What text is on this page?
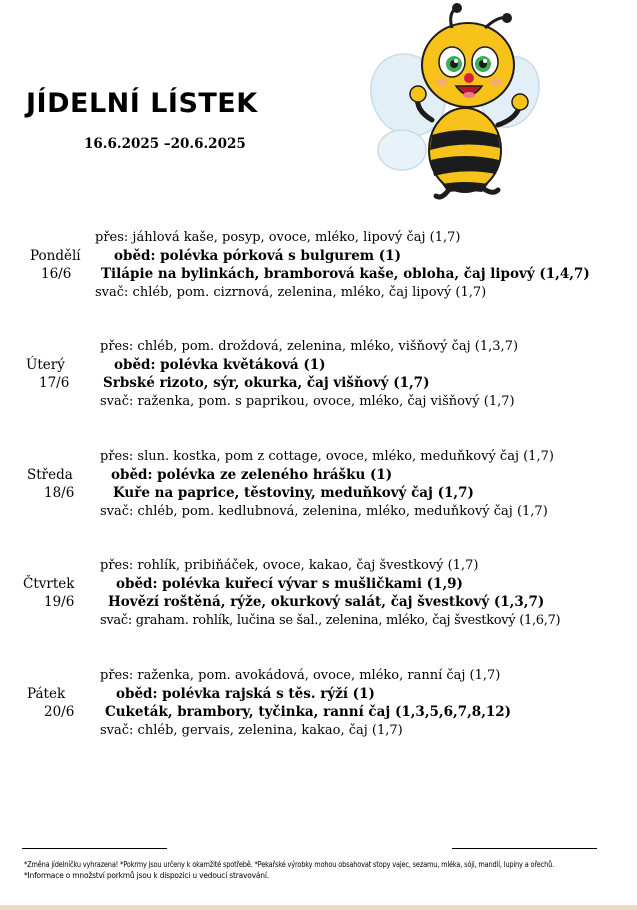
JÍDELNÍ LÍSTEK
16.6.2025 –20.6.2025
přes: jáhlová kaše, posyp, ovoce, mléko, lipový čaj (1,7)
Pondělí oběd: polévka pórková s bulgurem (1)
16/6 Tilápie na bylinkách, bramborová kaše, obloha, čaj lipový (1,4,7)
svač: chléb, pom. cizrnová, zelenina, mléko, čaj lipový (1,7)
přes: chléb, pom. droždová, zelenina, mléko, višňový čaj (1,3,7)
Úterý	oběd: polévka květáková (1)
17/6 Srbské rizoto, sýr, okurka, čaj višňový (1,7)
svač: raženka, pom. s paprikou, ovoce, mléko, čaj višňový (1,7)
přes: slun. kostka, pom z cottage, ovoce, mléko, meduňkový čaj (1,7)
Středa	oběd: polévka ze zeleného hrášku (1)
18/6	Kuře na paprice, těstoviny, meduňkový čaj (1,7)
svač: chléb, pom. kedlubnová, zelenina, mléko, meduňkový čaj (1,7)
přes: rohlík, pribiňáček, ovoce, kakao, čaj švestkový (1,7)
Čtvrtek	oběd: polévka kuřecí vývar s mušličkami (1,9)
19/6 Hovězí roštěná, rýže, okurkový salát, čaj švestkový (1,3,7)
svač: graham. rohlík, lučina se šal., zelenina, mléko, čaj švestkový (1,6,7)
přes: raženka, pom. avokádová, ovoce, mléko, ranní čaj (1,7)
Pátek	oběd: polévka rajská s těs. rýží (1)
20/6 Cuketák, brambory, tyčinka, ranní čaj (1,3,5,6,7,8,12)
svač: chléb, gervais, zelenina, kakao, čaj (1,7)
*Změna jídelníčku vyhrazena! *Pokrmy jsou určeny k okamžité spotřebě. *Pekařské výrobky mohou obsahovat stopy vajec, sezamu, mléka, sóji, mandlí, lupiny a ořechů.
*Informace o množství porkmů jsou k dispozici u vedoucí stravování.
